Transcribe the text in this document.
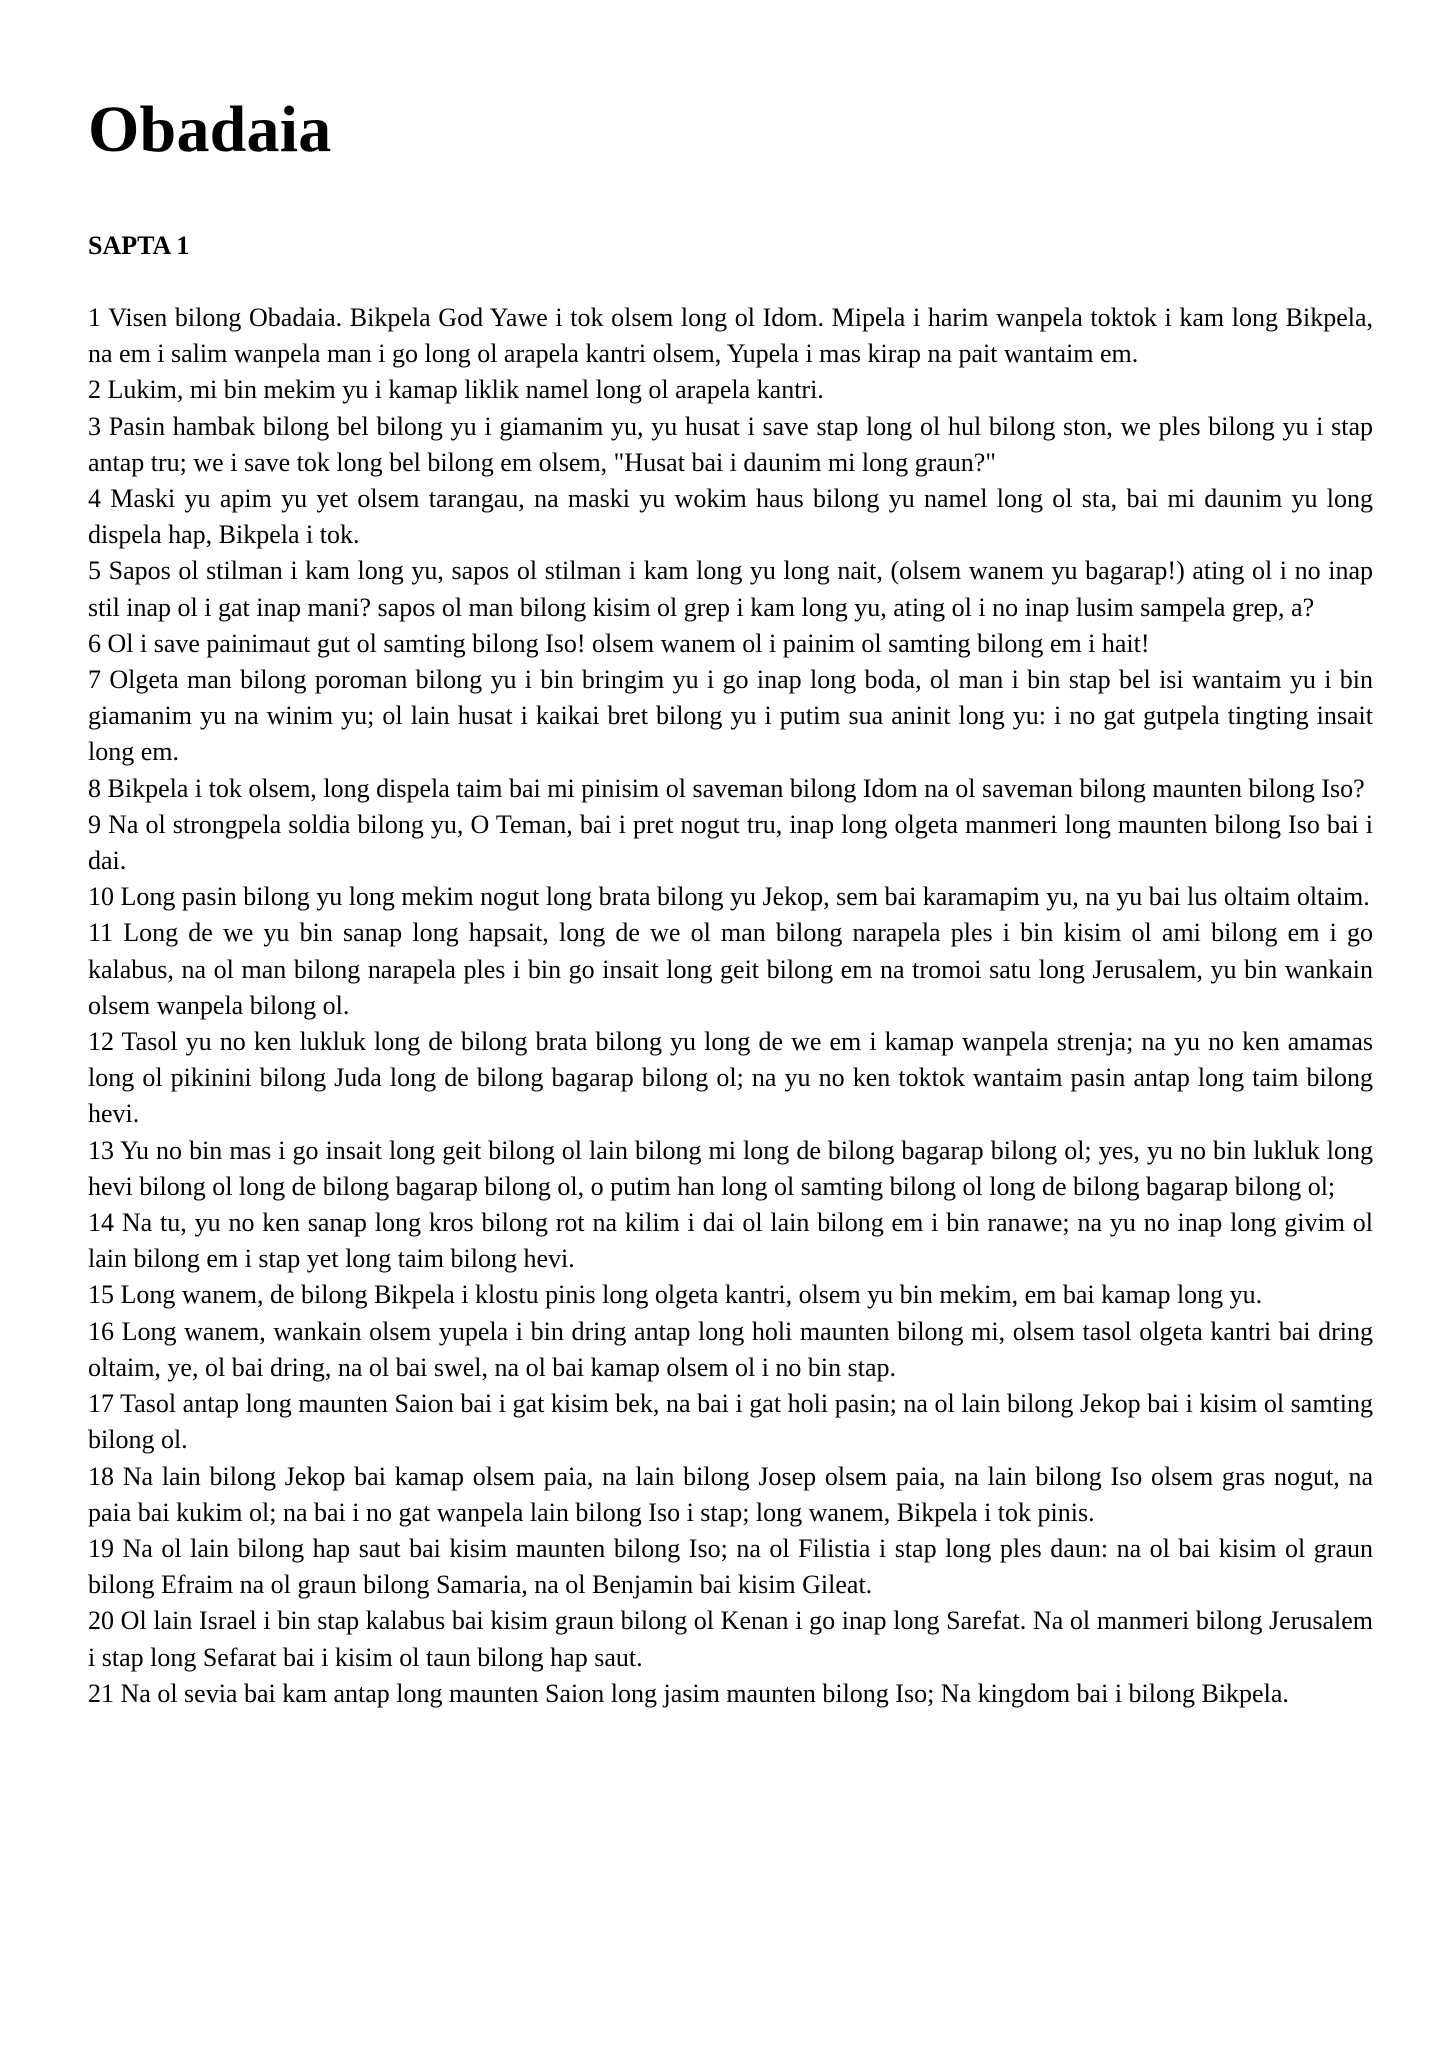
Obadaia
SAPTA 1

1 Visen bilong Obadaia. Bikpela God Yawe i tok olsem long ol Idom. Mipela i harim wanpela toktok i kam long Bikpela, na em i salim wanpela man i go long ol arapela kantri olsem, Yupela i mas kirap na pait wantaim em.

2 Lukim, mi bin mekim yu i kamap liklik namel long ol arapela kantri.

3 Pasin hambak bilong bel bilong yu i giamanim yu, yu husat i save stap long ol hul bilong ston, we ples bilong yu i stap antap tru; we i save tok long bel bilong em olsem, "Husat bai i daunim mi long graun?"

4 Maski yu apim yu yet olsem tarangau, na maski yu wokim haus bilong yu namel long ol sta, bai mi daunim yu long dispela hap, Bikpela i tok.

5 Sapos ol stilman i kam long yu, sapos ol stilman i kam long yu long nait, (olsem wanem yu bagarap!) ating ol i no inap stil inap ol i gat inap mani? sapos ol man bilong kisim ol grep i kam long yu, ating ol i no inap lusim sampela grep, a?

6 Ol i save painimaut gut ol samting bilong Iso! olsem wanem ol i painim ol samting bilong em i hait!

7 Olgeta man bilong poroman bilong yu i bin bringim yu i go inap long boda, ol man i bin stap bel isi wantaim yu i bin giamanim yu na winim yu; ol lain husat i kaikai bret bilong yu i putim sua aninit long yu: i no gat gutpela tingting insait long em.

8 Bikpela i tok olsem, long dispela taim bai mi pinisim ol saveman bilong Idom na ol saveman bilong maunten bilong Iso?

9 Na ol strongpela soldia bilong yu, O Teman, bai i pret nogut tru, inap long olgeta manmeri long maunten bilong Iso bai i dai.

10 Long pasin bilong yu long mekim nogut long brata bilong yu Jekop, sem bai karamapim yu, na yu bai lus oltaim oltaim.

11 Long de we yu bin sanap long hapsait, long de we ol man bilong narapela ples i bin kisim ol ami bilong em i go kalabus, na ol man bilong narapela ples i bin go insait long geit bilong em na tromoi satu long Jerusalem, yu bin wankain olsem wanpela bilong ol.

12 Tasol yu no ken lukluk long de bilong brata bilong yu long de we em i kamap wanpela strenja; na yu no ken amamas long ol pikinini bilong Juda long de bilong bagarap bilong ol; na yu no ken toktok wantaim pasin antap long taim bilong hevi.

13 Yu no bin mas i go insait long geit bilong ol lain bilong mi long de bilong bagarap bilong ol; yes, yu no bin lukluk long hevi bilong ol long de bilong bagarap bilong ol, o putim han long ol samting bilong ol long de bilong bagarap bilong ol;

14 Na tu, yu no ken sanap long kros bilong rot na kilim i dai ol lain bilong em i bin ranawe; na yu no inap long givim ol lain bilong em i stap yet long taim bilong hevi.

15 Long wanem, de bilong Bikpela i klostu pinis long olgeta kantri, olsem yu bin mekim, em bai kamap long yu.

16 Long wanem, wankain olsem yupela i bin dring antap long holi maunten bilong mi, olsem tasol olgeta kantri bai dring oltaim, ye, ol bai dring, na ol bai swel, na ol bai kamap olsem ol i no bin stap.

17 Tasol antap long maunten Saion bai i gat kisim bek, na bai i gat holi pasin; na ol lain bilong Jekop bai i kisim ol samting bilong ol.

18 Na lain bilong Jekop bai kamap olsem paia, na lain bilong Josep olsem paia, na lain bilong Iso olsem gras nogut, na paia bai kukim ol; na bai i no gat wanpela lain bilong Iso i stap; long wanem, Bikpela i tok pinis.

19 Na ol lain bilong hap saut bai kisim maunten bilong Iso; na ol Filistia i stap long ples daun: na ol bai kisim ol graun bilong Efraim na ol graun bilong Samaria, na ol Benjamin bai kisim Gileat.

20 Ol lain Israel i bin stap kalabus bai kisim graun bilong ol Kenan i go inap long Sarefat. Na ol manmeri bilong Jerusalem i stap long Sefarat bai i kisim ol taun bilong hap saut.

21 Na ol sevia bai kam antap long maunten Saion long jasim maunten bilong Iso; Na kingdom bai i bilong Bikpela.
